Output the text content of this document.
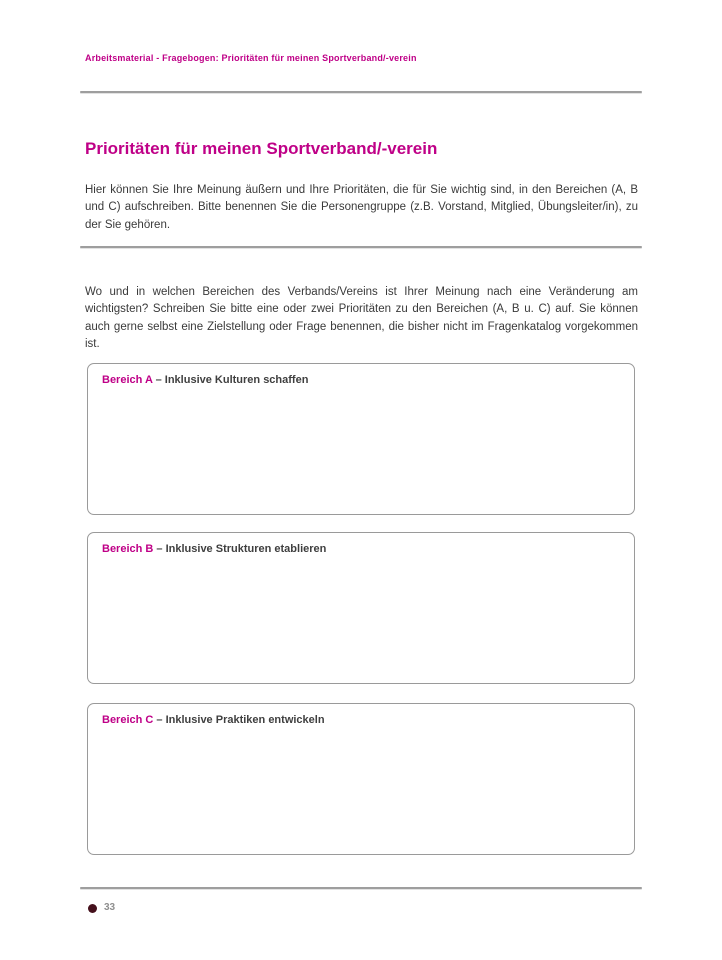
Arbeitsmaterial - Fragebogen: Prioritäten für meinen Sportverband/-verein
Prioritäten für meinen Sportverband/-verein

Hier können Sie Ihre Meinung äußern und Ihre Prioritäten, die für Sie wichtig sind, in den Bereichen (A, B und C) aufschreiben. Bitte benennen Sie die Personengruppe (z.B. Vorstand, Mitglied, Übungsleiter/in), zu der Sie gehören.

Wo und in welchen Bereichen des Verbands/Vereins ist Ihrer Meinung nach eine Veränderung am wichtigsten? Schreiben Sie bitte eine oder zwei Prioritäten zu den Bereichen (A, B u. C) auf. Sie können auch gerne selbst eine Zielstellung oder Frage benennen, die bisher nicht im Fragenkatalog vorgekommen ist.

Bereich A – Inklusive Kulturen schaffen
Bereich B – Inklusive Strukturen etablieren
Bereich C – Inklusive Praktiken entwickeln
33
